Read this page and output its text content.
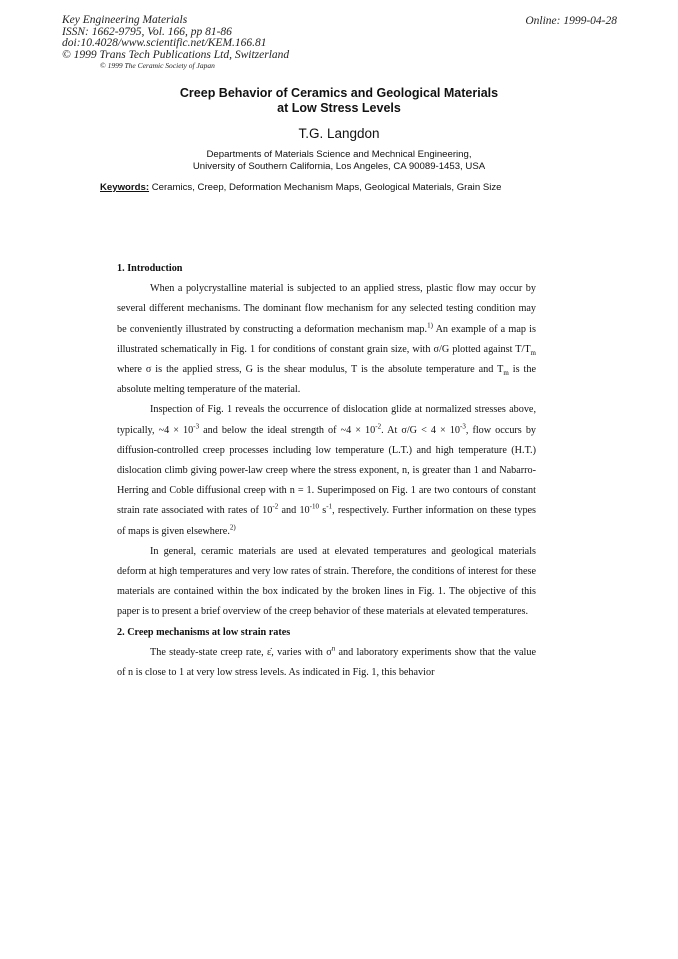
Key Engineering Materials
ISSN: 1662-9795, Vol. 166, pp 81-86
doi:10.4028/www.scientific.net/KEM.166.81
© 1999 Trans Tech Publications Ltd, Switzerland
© 1999 The Ceramic Society of Japan
Online: 1999-04-28
Creep Behavior of Ceramics and Geological Materials
at Low Stress Levels
T.G. Langdon
Departments of Materials Science and Mechnical Engineering,
University of Southern California, Los Angeles, CA 90089-1453, USA
Keywords: Ceramics, Creep, Deformation Mechanism Maps, Geological Materials, Grain Size
1. Introduction

When a polycrystalline material is subjected to an applied stress, plastic flow may occur by several different mechanisms. The dominant flow mechanism for any selected testing condition may be conveniently illustrated by constructing a deformation mechanism map.$^{1)}$ An example of a map is illustrated schematically in Fig. 1 for conditions of constant grain size, with σ/G plotted against $T/T_m$ where σ is the applied stress, G is the shear modulus, T is the absolute temperature and $T_m$ is the absolute melting temperature of the material.

Inspection of Fig. 1 reveals the occurrence of dislocation glide at normalized stresses above, typically, ~4 × $10^{-3}$ and below the ideal strength of ~4 × $10^{-2}$. At $\sigma/G < 4 \times 10^{-3}$, flow occurs by diffusion-controlled creep processes including low temperature (L.T.) and high temperature (H.T.) dislocation climb giving power-law creep where the stress exponent, n, is greater than 1 and Nabarro-Herring and Coble diffusional creep with n = 1. Superimposed on Fig. 1 are two contours of constant strain rate associated with rates of $10^{-2}$ and $10^{-10}$ $s^{-1}$, respectively. Further information on these types of maps is given elsewhere.$^{2)}$

In general, ceramic materials are used at elevated temperatures and geological materials deform at high temperatures and very low rates of strain. Therefore, the conditions of interest for these materials are contained within the box indicated by the broken lines in Fig. 1. The objective of this paper is to present a brief overview of the creep behavior of these materials at elevated temperatures.

2. Creep mechanisms at low strain rates

The steady-state creep rate, ε̇, varies with $\sigma^n$ and laboratory experiments show that the value of n is close to 1 at very low stress levels. As indicated in Fig. 1, this behavior
